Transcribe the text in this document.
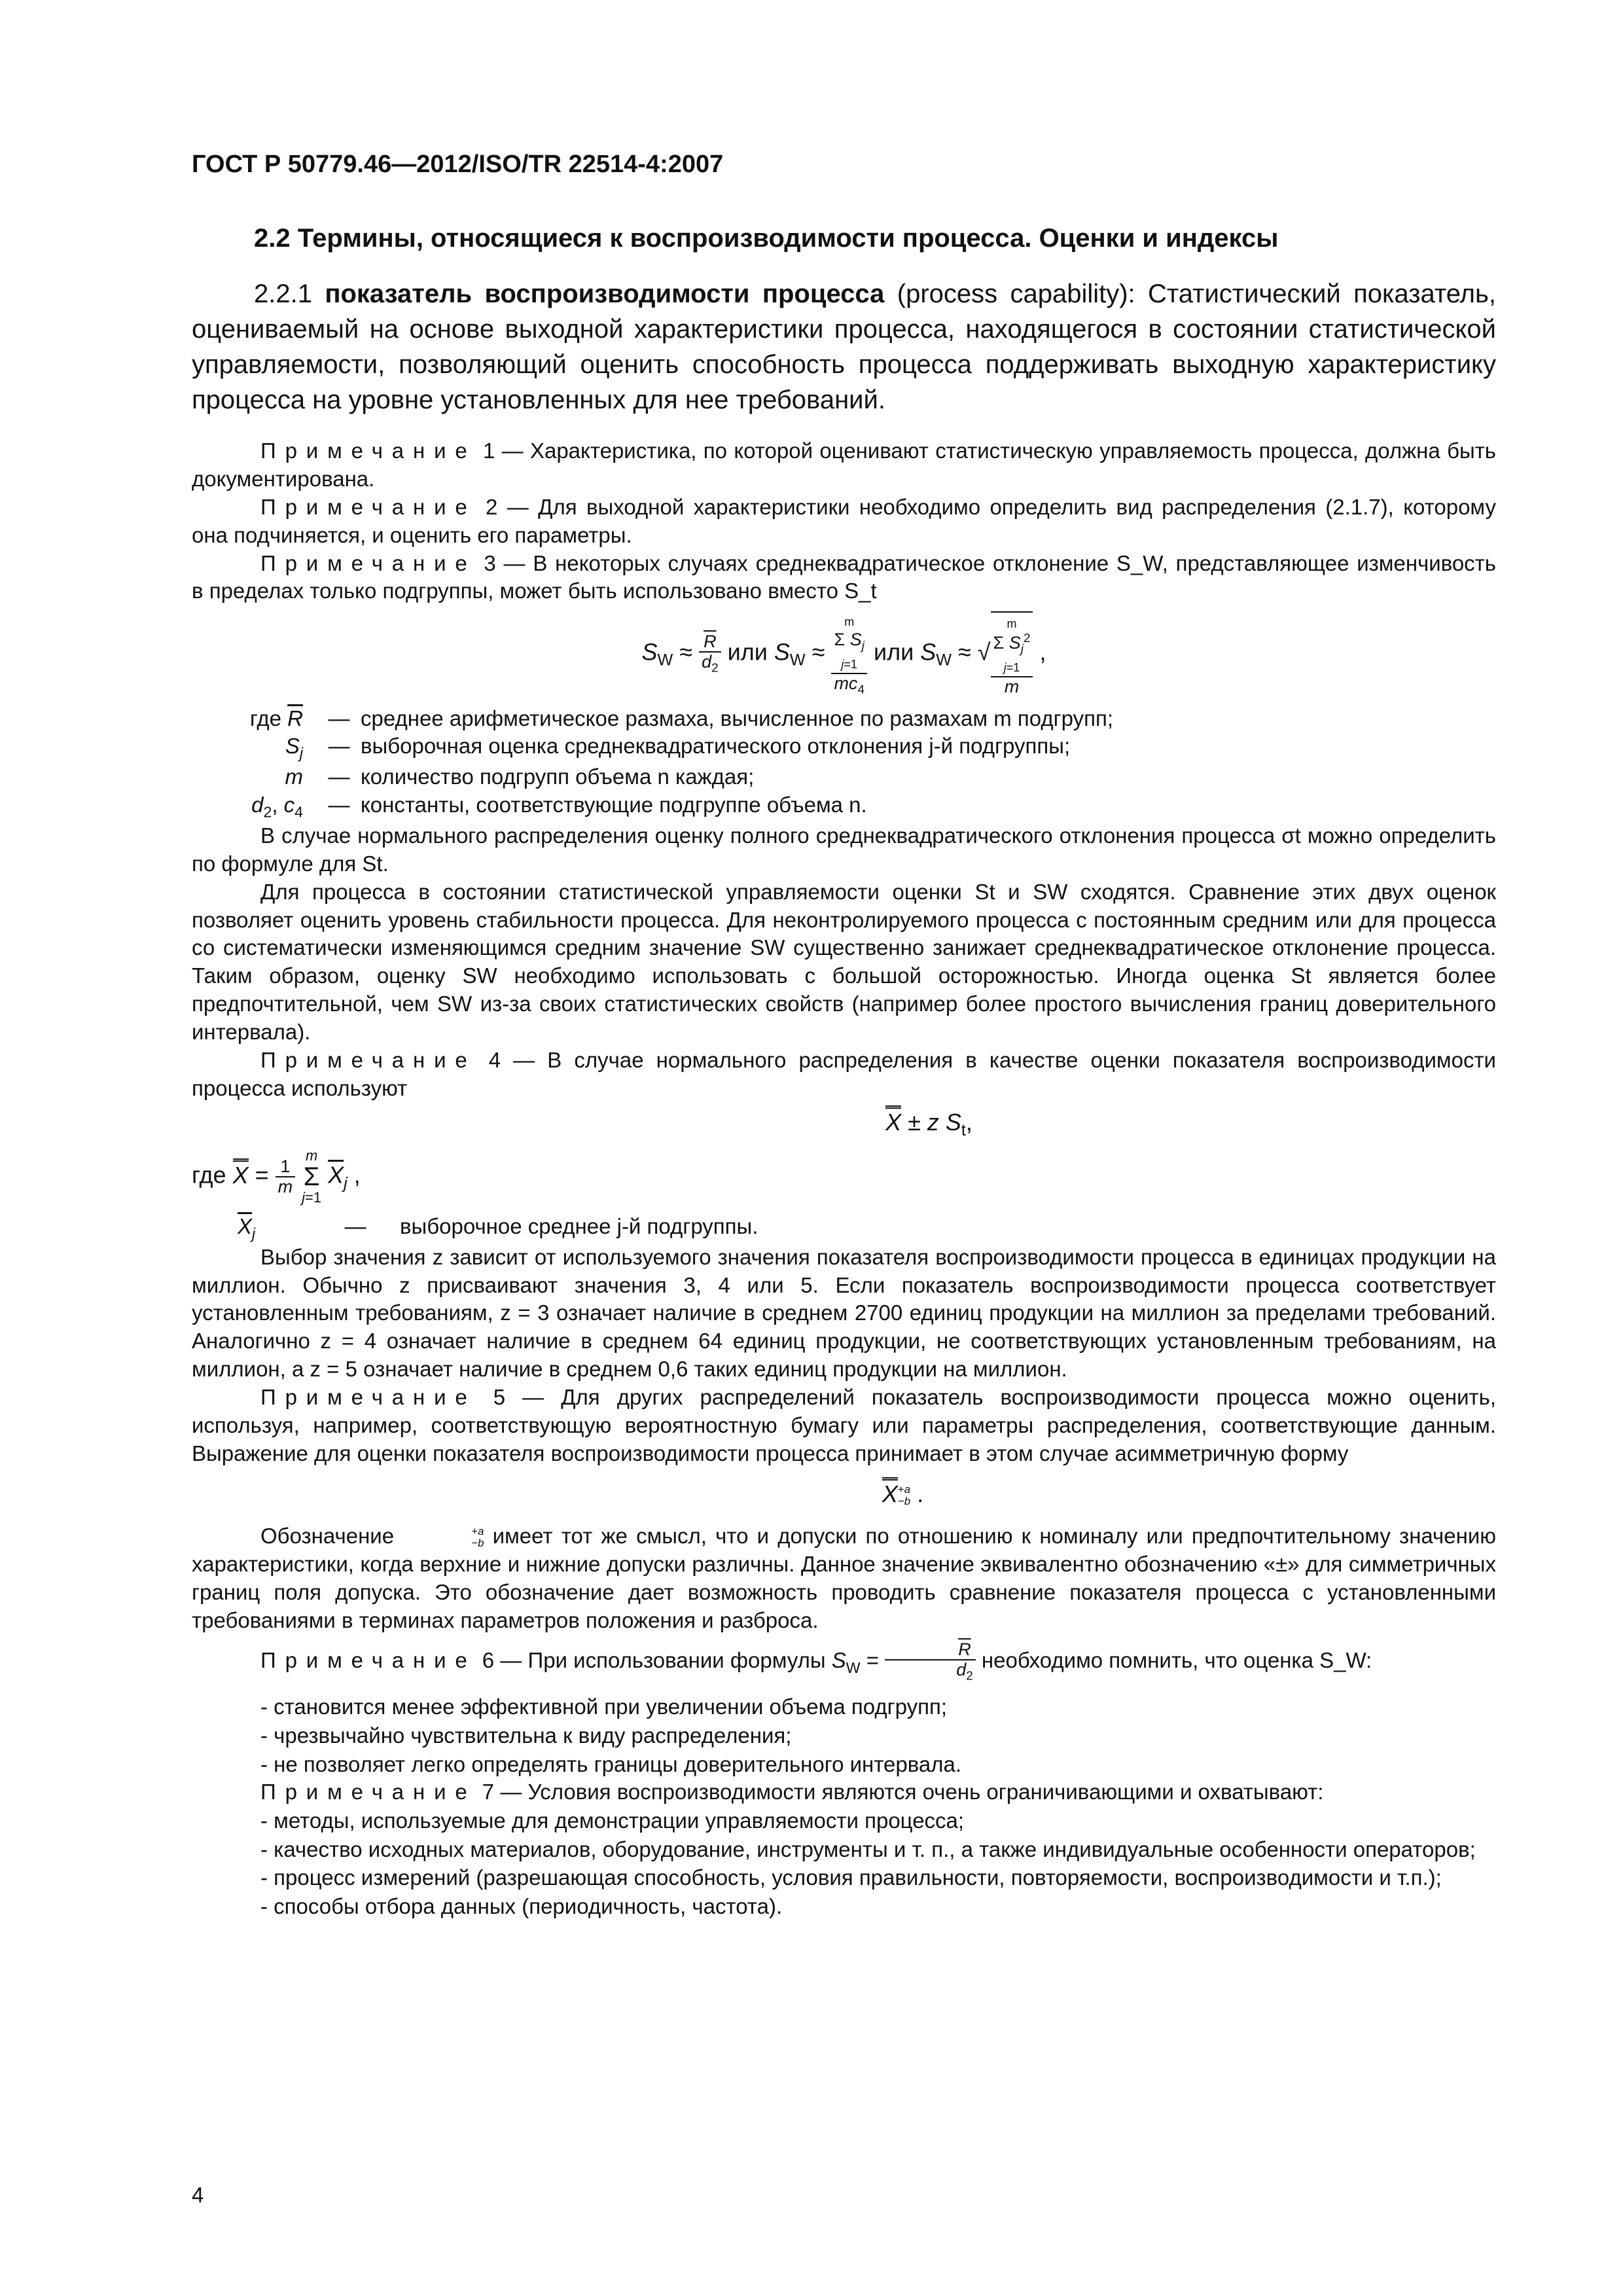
ГОСТ Р 50779.46—2012/ISO/TR 22514-4:2007
2.2 Термины, относящиеся к воспроизводимости процесса. Оценки и индексы

2.2.1 показатель воспроизводимости процесса (process capability): Статистический показатель, оцениваемый на основе выходной характеристики процесса, находящегося в состоянии статистической управляемости, позволяющий оценить способность процесса поддерживать выходную характеристику процесса на уровне установленных для нее требований.

Примечание 1 — Характеристика, по которой оценивают статистическую управляемость процесса, должна быть документирована.

Примечание 2 — Для выходной характеристики необходимо определить вид распределения (2.1.7), которому она подчиняется, и оценить его параметры.

Примечание 3 — В некоторых случаях среднеквадратическое отклонение S_W, представляющее изменчивость в пределах только подгруппы, может быть использовано вместо S_t

$S_W \approx \frac{\overline{R}}{d_2}$ или $S_W$ ≈
m
Σ $S_j$
j=1
$mc_4$
или $S_W$ ≈ √
m
Σ $S_j^2$
j=1
m
,
где $\overline{R}$	—	среднее арифметическое размаха, вычисленное по размахам m подгрупп;
$S_j$	—	выборочная оценка среднеквадратического отклонения j-й подгруппы;
m	—	количество подгрупп объема n каждая;
$d_2$, $c_4$	—	константы, соответствующие подгруппе объема n.

В случае нормального распределения оценку полного среднеквадратического отклонения процесса σt можно определить по формуле для St.

Для процесса в состоянии статистической управляемости оценки St и SW сходятся. Сравнение этих двух оценок позволяет оценить уровень стабильности процесса. Для неконтролируемого процесса с постоянным средним или для процесса со систематически изменяющимся средним значение SW существенно занижает среднеквадратическое отклонение процесса. Таким образом, оценку SW необходимо использовать с большой осторожностью. Иногда оценка St является более предпочтительной, чем SW из-за своих статистических свойств (например более простого вычисления границ доверительного интервала).

Примечание 4 — В случае нормального распределения в качестве оценки показателя воспроизводимости процесса используют

X ± z $S_t$,
где $X = \frac{1}{m}$

m
Σ
j=1
$\overline{X}_j$ ,
$\overline{X}_j$	—	выборочное среднее j-й подгруппы.

Выбор значения z зависит от используемого значения показателя воспроизводимости процесса в единицах продукции на миллион. Обычно z присваивают значения 3, 4 или 5. Если показатель воспроизводимости процесса соответствует установленным требованиям, z = 3 означает наличие в среднем 2700 единиц продукции на миллион за пределами требований. Аналогично z = 4 означает наличие в среднем 64 единиц продукции, не соответствующих установленным требованиям, на миллион, а z = 5 означает наличие в среднем 0,6 таких единиц продукции на миллион.

Примечание 5 — Для других распределений показатель воспроизводимости процесса можно оценить, используя, например, соответствующую вероятностную бумагу или параметры распределения, соответствующие данным. Выражение для оценки показателя воспроизводимости процесса принимает в этом случае асимметричную форму

X +a
−b .

Обозначение	+a
−b имеет тот же смысл, что и допуски по отношению к номиналу или предпочтительному значению характеристики, когда верхние и нижние допуски различны. Данное значение эквивалентно обозначению «±» для симметричных границ поля допуска. Это обозначение дает возможность проводить сравнение показателя процесса с установленными требованиями в терминах параметров положения и разброса.

Примечание 6 — При использовании формулы $S_W = \frac{\overline{R}}{d_2}$ необходимо помнить, что оценка S_W:

- становится менее эффективной при увеличении объема подгрупп;

- чрезвычайно чувствительна к виду распределения;

- не позволяет легко определять границы доверительного интервала.

Примечание 7 — Условия воспроизводимости являются очень ограничивающими и охватывают:

- методы, используемые для демонстрации управляемости процесса;

- качество исходных материалов, оборудование, инструменты и т. п., а также индивидуальные особенности операторов;

- процесс измерений (разрешающая способность, условия правильности, повторяемости, воспроизводимости и т.п.);

- способы отбора данных (периодичность, частота).

4
